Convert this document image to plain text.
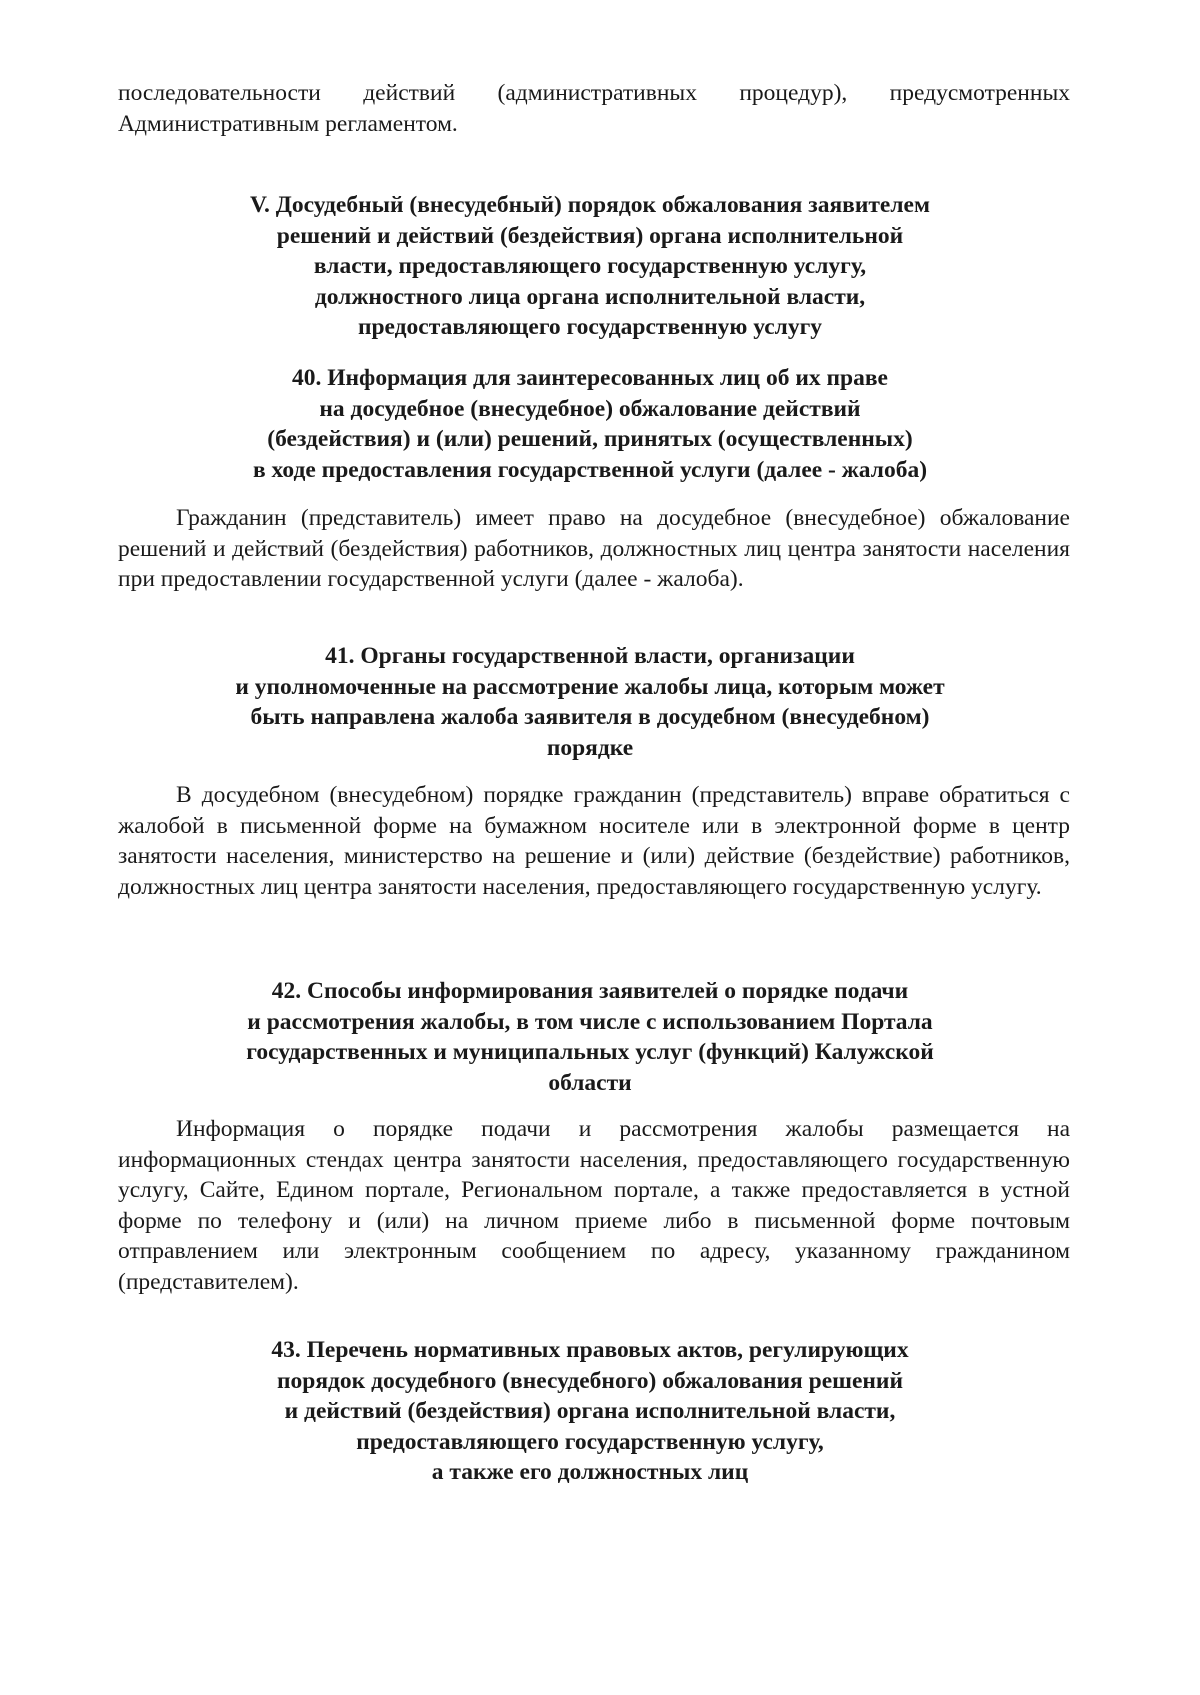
последовательности действий (административных процедур), предусмотренных Административным регламентом.

V. Досудебный (внесудебный) порядок обжалования заявителем
решений и действий (бездействия) органа исполнительной
власти, предоставляющего государственную услугу,
должностного лица органа исполнительной власти,
предоставляющего государственную услугу
40. Информация для заинтересованных лиц об их праве
на досудебное (внесудебное) обжалование действий
(бездействия) и (или) решений, принятых (осуществленных)
в ходе предоставления государственной услуги (далее - жалоба)

Гражданин (представитель) имеет право на досудебное (внесудебное) обжалование решений и действий (бездействия) работников, должностных лиц центра занятости населения при предоставлении государственной услуги (далее - жалоба).

41. Органы государственной власти, организации
и уполномоченные на рассмотрение жалобы лица, которым может
быть направлена жалоба заявителя в досудебном (внесудебном)
порядке

В досудебном (внесудебном) порядке гражданин (представитель) вправе обратиться с жалобой в письменной форме на бумажном носителе или в электронной форме в центр занятости населения, министерство на решение и (или) действие (бездействие) работников, должностных лиц центра занятости населения, предоставляющего государственную услугу.

42. Способы информирования заявителей о порядке подачи
и рассмотрения жалобы, в том числе с использованием Портала
государственных и муниципальных услуг (функций) Калужской
области

Информация о порядке подачи и рассмотрения жалобы размещается на информационных стендах центра занятости населения, предоставляющего государственную услугу, Сайте, Едином портале, Региональном портале, а также предоставляется в устной форме по телефону и (или) на личном приеме либо в письменной форме почтовым отправлением или электронным сообщением по адресу, указанному гражданином (представителем).

43. Перечень нормативных правовых актов, регулирующих
порядок досудебного (внесудебного) обжалования решений
и действий (бездействия) органа исполнительной власти,
предоставляющего государственную услугу,
а также его должностных лиц
